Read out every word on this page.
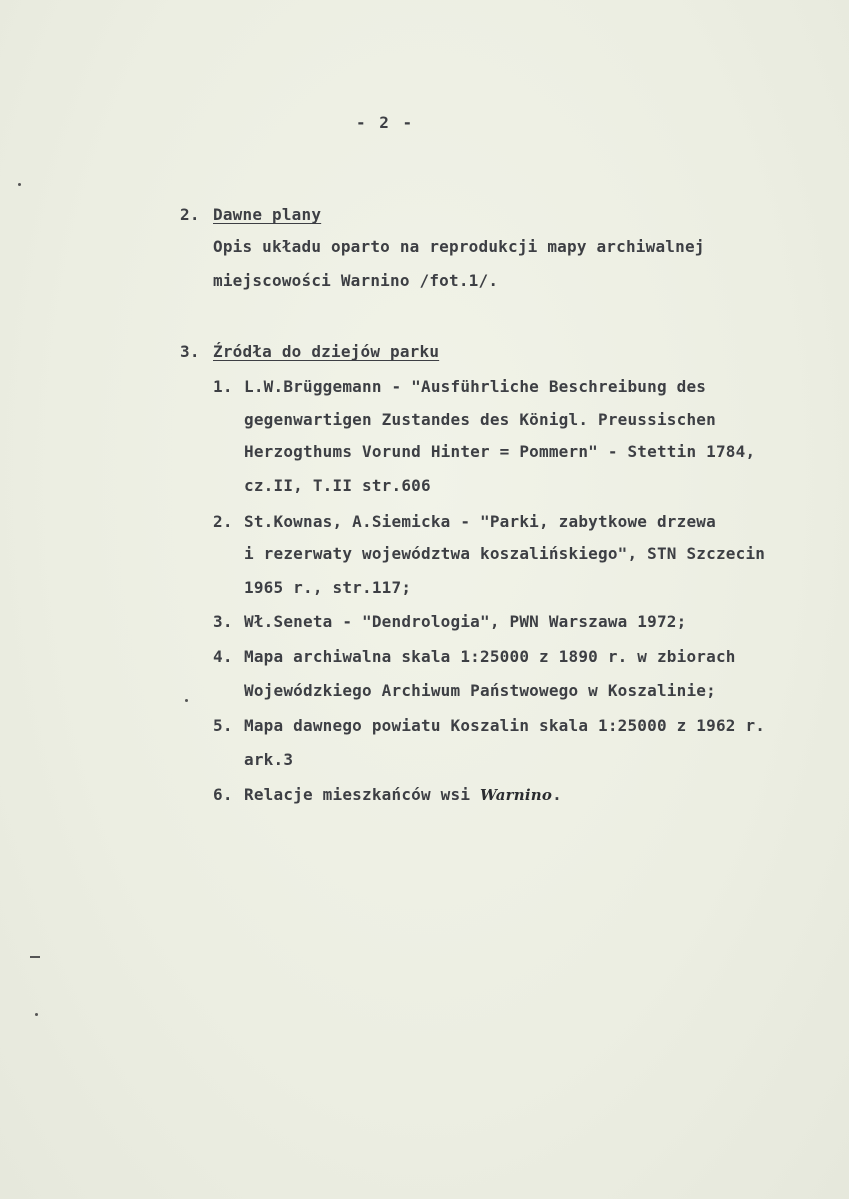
- 2 -
2. Dawne plany
Opis układu oparto na reprodukcji mapy archiwalnej
miejscowości Warnino /fot.1/.
3. Źródła do dziejów parku
1. L.W.Brüggemann - "Ausführliche Beschreibung des
gegenwartigen Zustandes des Königl. Preussischen
Herzogthums Vorund Hinter = Pommern" - Stettin 1784,
cz.II, T.II str.606
2. St.Kownas, A.Siemicka - "Parki, zabytkowe drzewa
i rezerwaty województwa koszalińskiego", STN Szczecin
1965 r., str.117;
3. Wł.Seneta - "Dendrologia", PWN Warszawa 1972;
4. Mapa archiwalna skala 1:25000 z 1890 r. w zbiorach
Wojewódzkiego Archiwum Państwowego w Koszalinie;
5. Mapa dawnego powiatu Koszalin skala 1:25000 z 1962 r.
ark.3
6. Relacje mieszkańców wsi Warnino.
